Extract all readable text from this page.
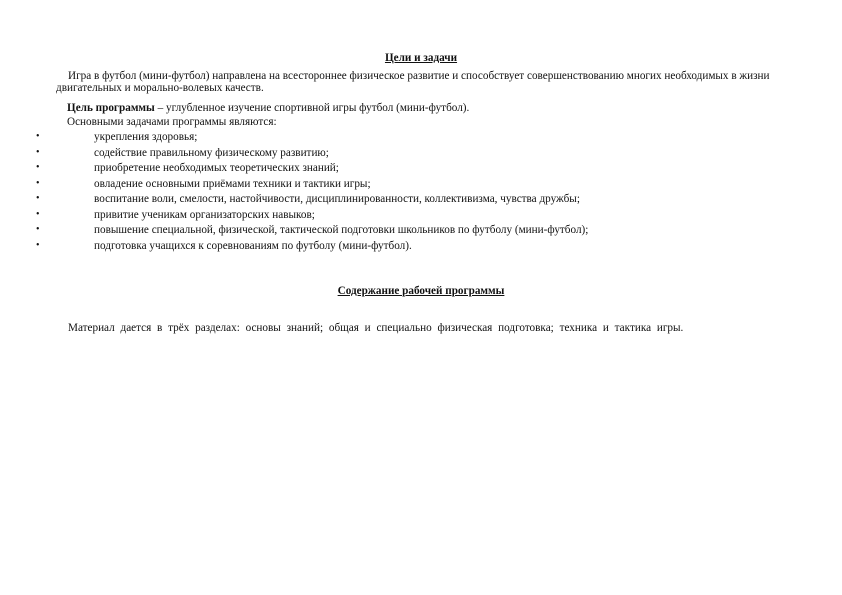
Цели и задачи
Игра в футбол (мини-футбол) направлена на всестороннее физическое развитие и способствует совершенствованию многих необходимых в жизни двигательных и морально-волевых качеств.
Цель программы – углубленное изучение спортивной игры футбол (мини-футбол).
Основными задачами программы являются:
•	укрепления здоровья;
•	содействие правильному физическому развитию;
•	приобретение необходимых теоретических знаний;
•	овладение основными приёмами техники и тактики игры;
•	воспитание воли, смелости, настойчивости, дисциплинированности, коллективизма, чувства дружбы;
•	привитие ученикам организаторских навыков;
•	повышение специальной, физической, тактической подготовки школьников по футболу (мини-футбол);
•	подготовка учащихся к соревнованиям по футболу (мини-футбол).
Содержание рабочей программы
Материал дается в трёх разделах: основы знаний; общая и специально физическая подготовка; техника и тактика игры.
